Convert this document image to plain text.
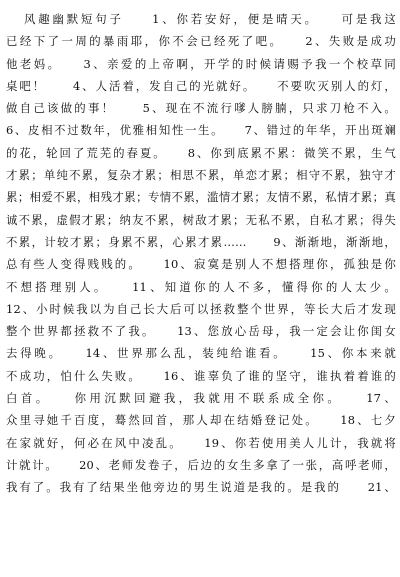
风趣幽默短句子　　1、你若安好，便是晴天。　　可是我这
已经下了一周的暴雨耶，你不会已经死了吧。　　2、失败是成功
他老妈。　　3、亲爱的上帝啊，开学的时候请赐予我一个校草同
桌吧！　　4、人活着，发自己的光就好。　　不要吹灭别人的灯，
做自己该做的事！　　5、现在不流行嗲人膀腩，只求刀枪不入。
6、皮相不过数年，优雅相知性一生。　　7、错过的年华，开出斑斓
的花，轮回了荒芜的春夏。　　8、你到底累不累：微笑不累，生气
才累；单纯不累，复杂才累；相思不累，单恋才累；相守不累，独守才
累；相爱不累，相残才累；专情不累，滥情才累；友情不累，私情才累；真
诚不累，虚假才累；纳友不累，树敌才累；无私不累，自私才累；得失
不累，计较才累；身累不累，心累才累……　　9、渐渐地，渐渐地，
总有些人变得贱贱的。　　10、寂寞是别人不想搭理你，孤独是你
不想搭理别人。　　11、知道你的人不多，懂得你的人太少。
12、小时候我以为自己长大后可以拯救整个世界，等长大后才发现
整个世界都拯救不了我。　　13、您放心岳母，我一定会让你闺女
去得晚。　　14、世界那么乱，装纯给谁看。　　15、你本来就
不成功，怕什么失败。　　16、谁辜负了谁的坚守，谁执着着谁的
白首。　　你用沉默回避我，我就用不联系成全你。　　17、
众里寻她千百度，蓦然回首，那人却在结婚登记处。　　18、七夕
在家就好，何必在风中凌乱。　　19、你若使用美人儿计，我就将
计就计。　　20、老师发卷子，后边的女生多拿了一张，高呼老师，
我有了。我有了结果坐他旁边的男生说道是我的。是我的　　21、
